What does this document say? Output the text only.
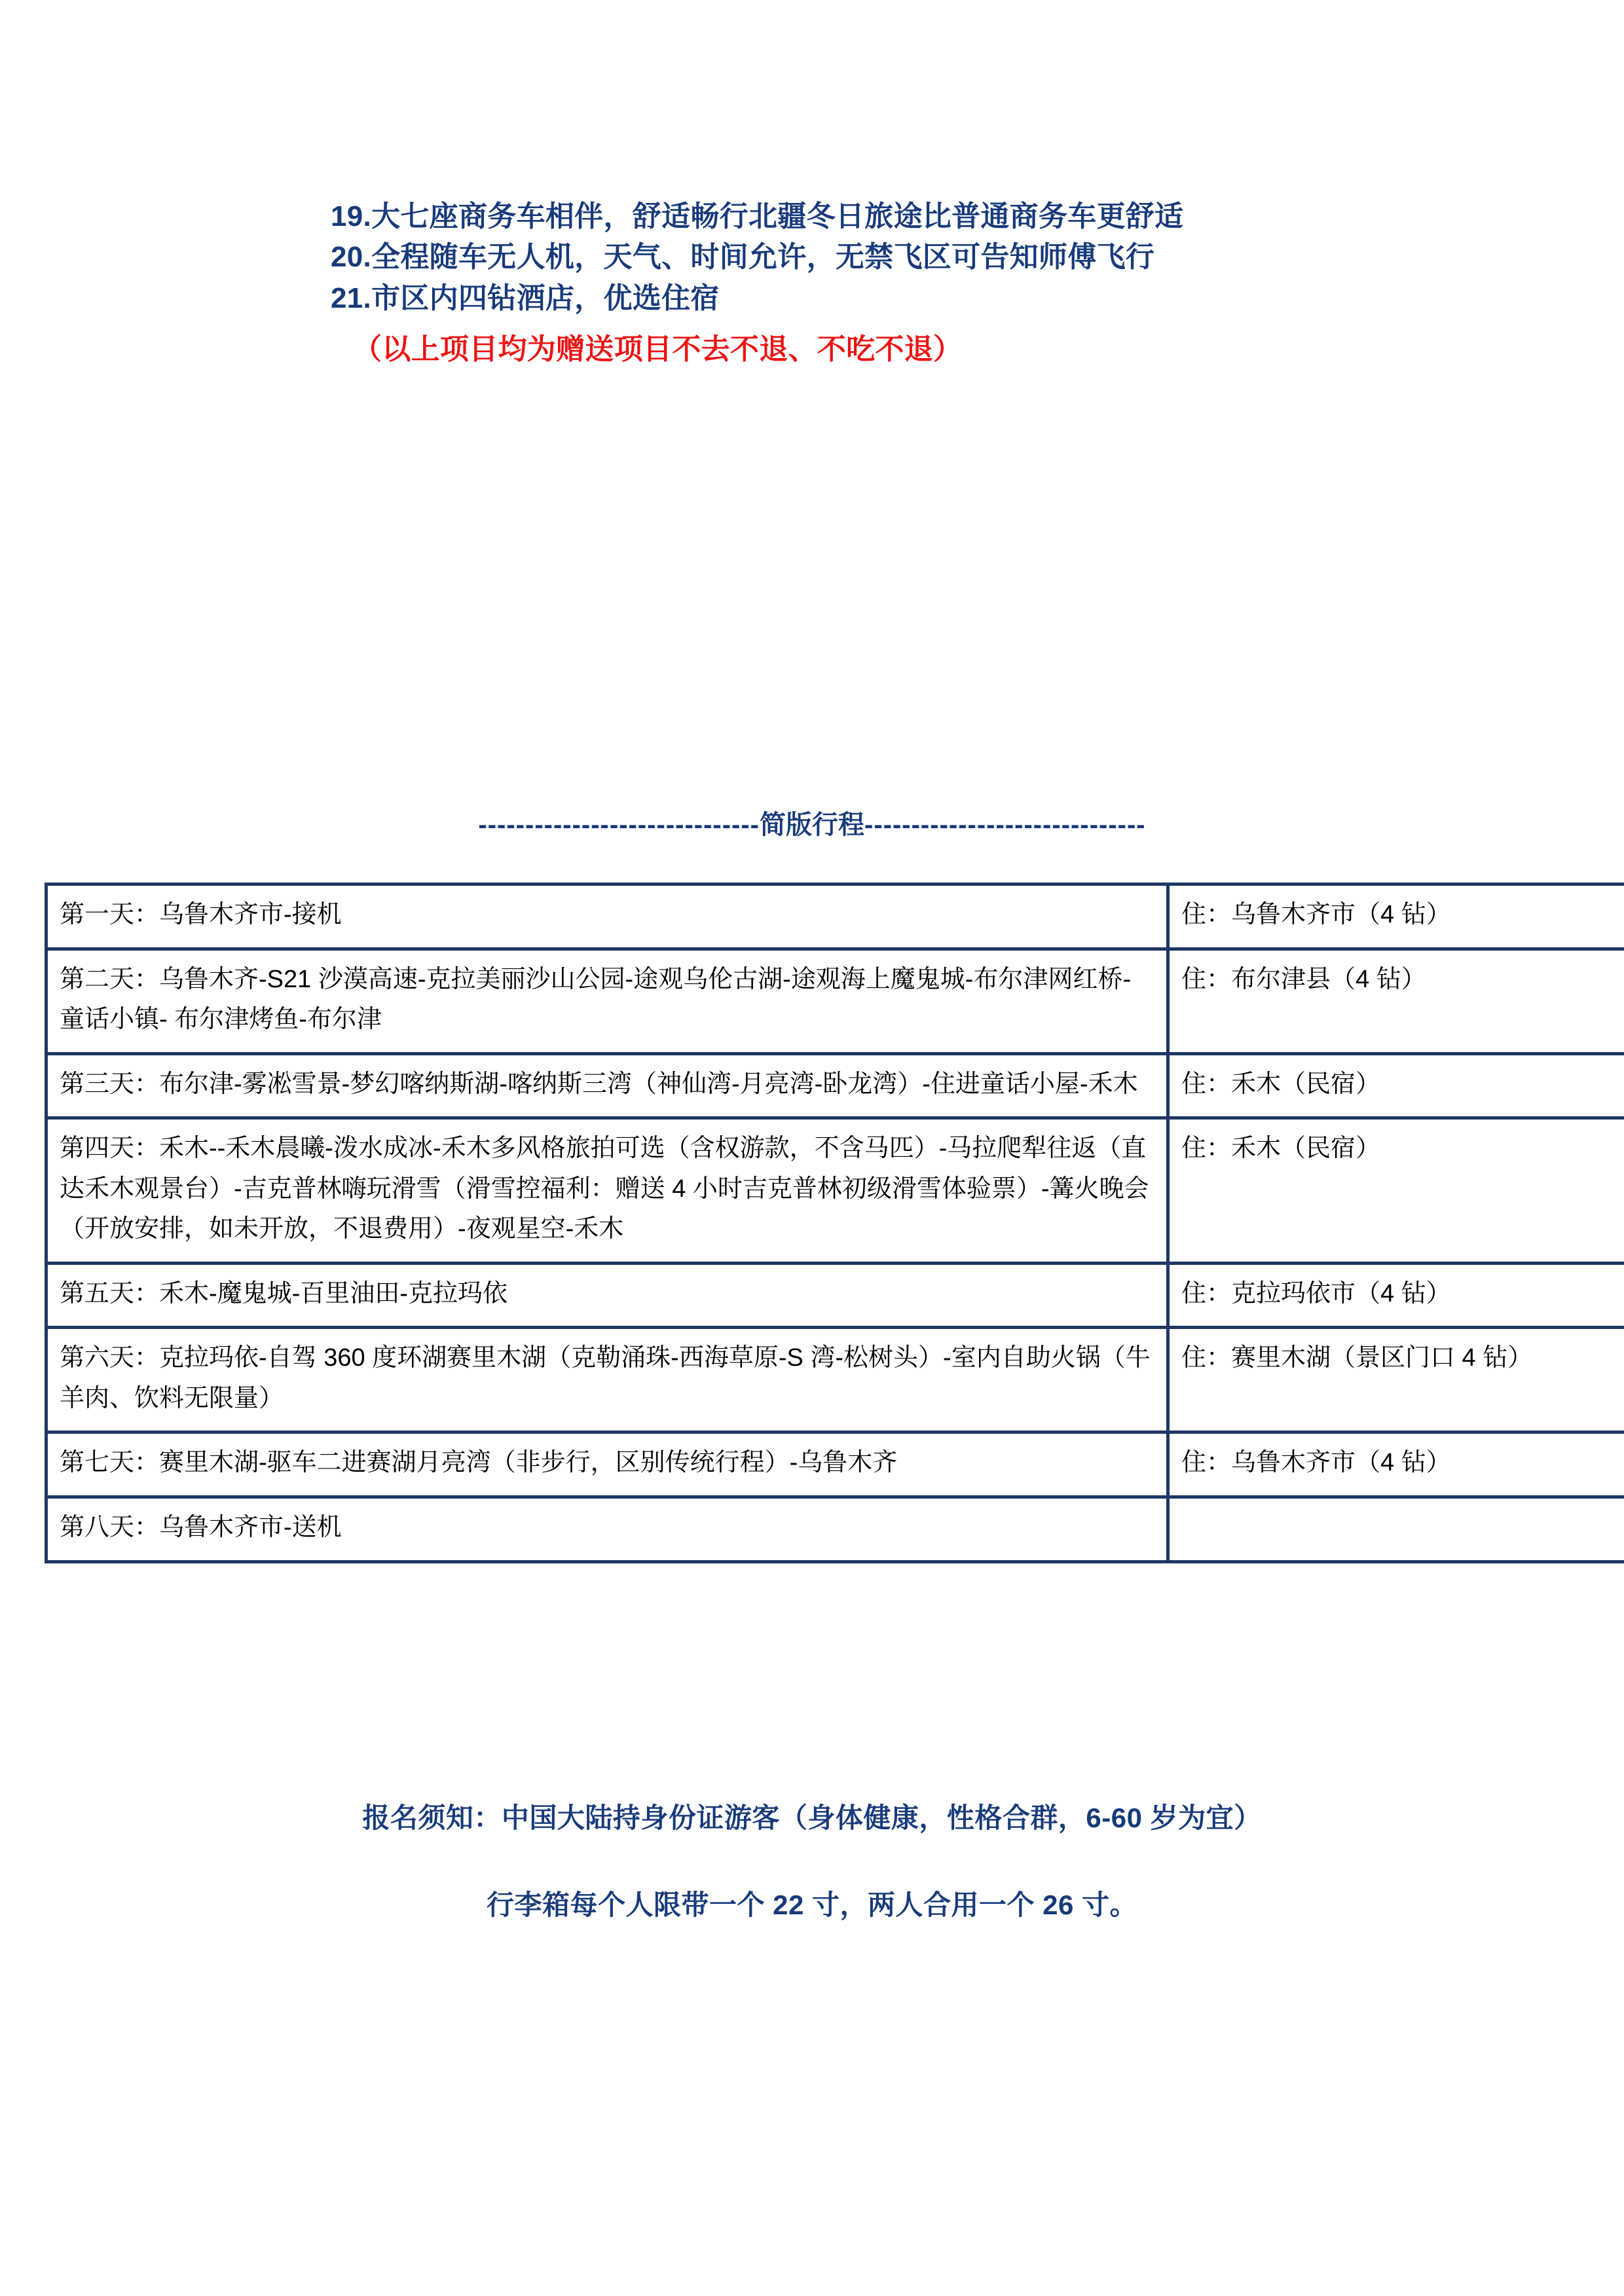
19.大七座商务车相伴，舒适畅行北疆冬日旅途比普通商务车更舒适
20.全程随车无人机，天气、时间允许，无禁飞区可告知师傅飞行
21.市区内四钻酒店，优选住宿
（以上项目均为赠送项目不去不退、不吃不退）
------------------------------简版行程------------------------------
第一天：乌鲁木齐市-接机	住：乌鲁木齐市（4 钻）
第二天：乌鲁木齐-S21 沙漠高速-克拉美丽沙山公园-途观乌伦古湖-途观海上魔鬼城-布尔津网红桥-童话小镇- 布尔津烤鱼-布尔津	住：布尔津县（4 钻）
第三天：布尔津-雾凇雪景-梦幻喀纳斯湖-喀纳斯三湾（神仙湾-月亮湾-卧龙湾）-住进童话小屋-禾木	住：禾木（民宿）
第四天：禾木--禾木晨曦-泼水成冰-禾木多风格旅拍可选（含权游款，不含马匹）-马拉爬犁往返（直达禾木观景台）-吉克普林嗨玩滑雪（滑雪控福利：赠送 4 小时吉克普林初级滑雪体验票）-篝火晚会（开放安排，如未开放，不退费用）-夜观星空-禾木	住：禾木（民宿）
第五天：禾木-魔鬼城-百里油田-克拉玛依	住：克拉玛依市（4 钻）
第六天：克拉玛依-自驾 360 度环湖赛里木湖（克勒涌珠-西海草原-S 湾-松树头）-室内自助火锅（牛羊肉、饮料无限量）	住：赛里木湖（景区门口 4 钻）
第七天：赛里木湖-驱车二进赛湖月亮湾（非步行，区别传统行程）-乌鲁木齐	住：乌鲁木齐市（4 钻）
第八天：乌鲁木齐市-送机	
报名须知：中国大陆持身份证游客（身体健康，性格合群，6-60 岁为宜）
行李箱每个人限带一个 22 寸，两人合用一个 26 寸。
